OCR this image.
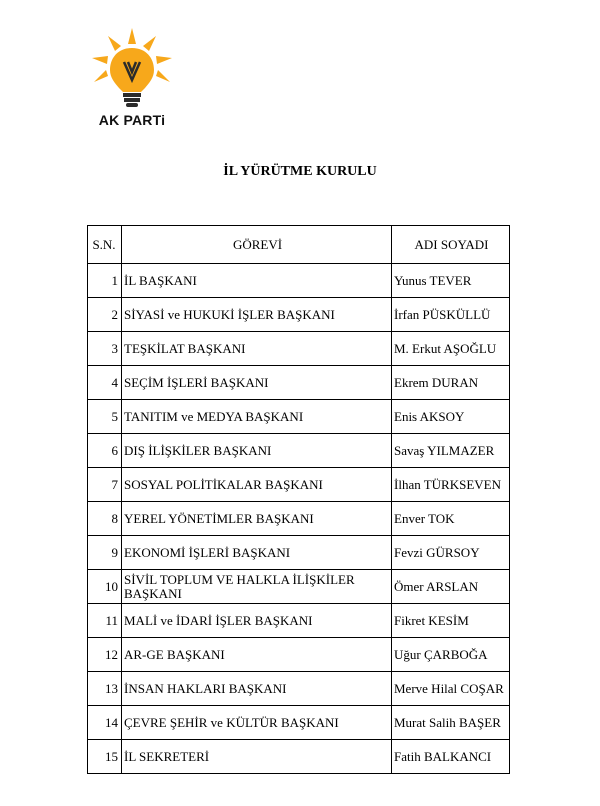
AK PARTi
İL YÜRÜTME KURULU
S.N.	GÖREVİ	ADI SOYADI
1	İL BAŞKANI	Yunus TEVER
2	SİYASİ ve HUKUKİ İŞLER BAŞKANI	İrfan PÜSKÜLLÜ
3	TEŞKİLAT BAŞKANI	M. Erkut AŞOĞLU
4	SEÇİM İŞLERİ BAŞKANI	Ekrem DURAN
5	TANITIM ve MEDYA BAŞKANI	Enis AKSOY
6	DIŞ İLİŞKİLER BAŞKANI	Savaş YILMAZER
7	SOSYAL POLİTİKALAR BAŞKANI	İlhan TÜRKSEVEN
8	YEREL YÖNETİMLER BAŞKANI	Enver TOK
9	EKONOMİ İŞLERİ BAŞKANI	Fevzi GÜRSOY
10	SİVİL TOPLUM VE HALKLA İLİŞKİLER BAŞKANI	Ömer ARSLAN
11	MALİ ve İDARİ İŞLER BAŞKANI	Fikret KESİM
12	AR-GE BAŞKANI	Uğur ÇARBOĞA
13	İNSAN HAKLARI BAŞKANI	Merve Hilal COŞAR
14	ÇEVRE ŞEHİR ve KÜLTÜR BAŞKANI	Murat Salih BAŞER
15	İL SEKRETERİ	Fatih BALKANCI
